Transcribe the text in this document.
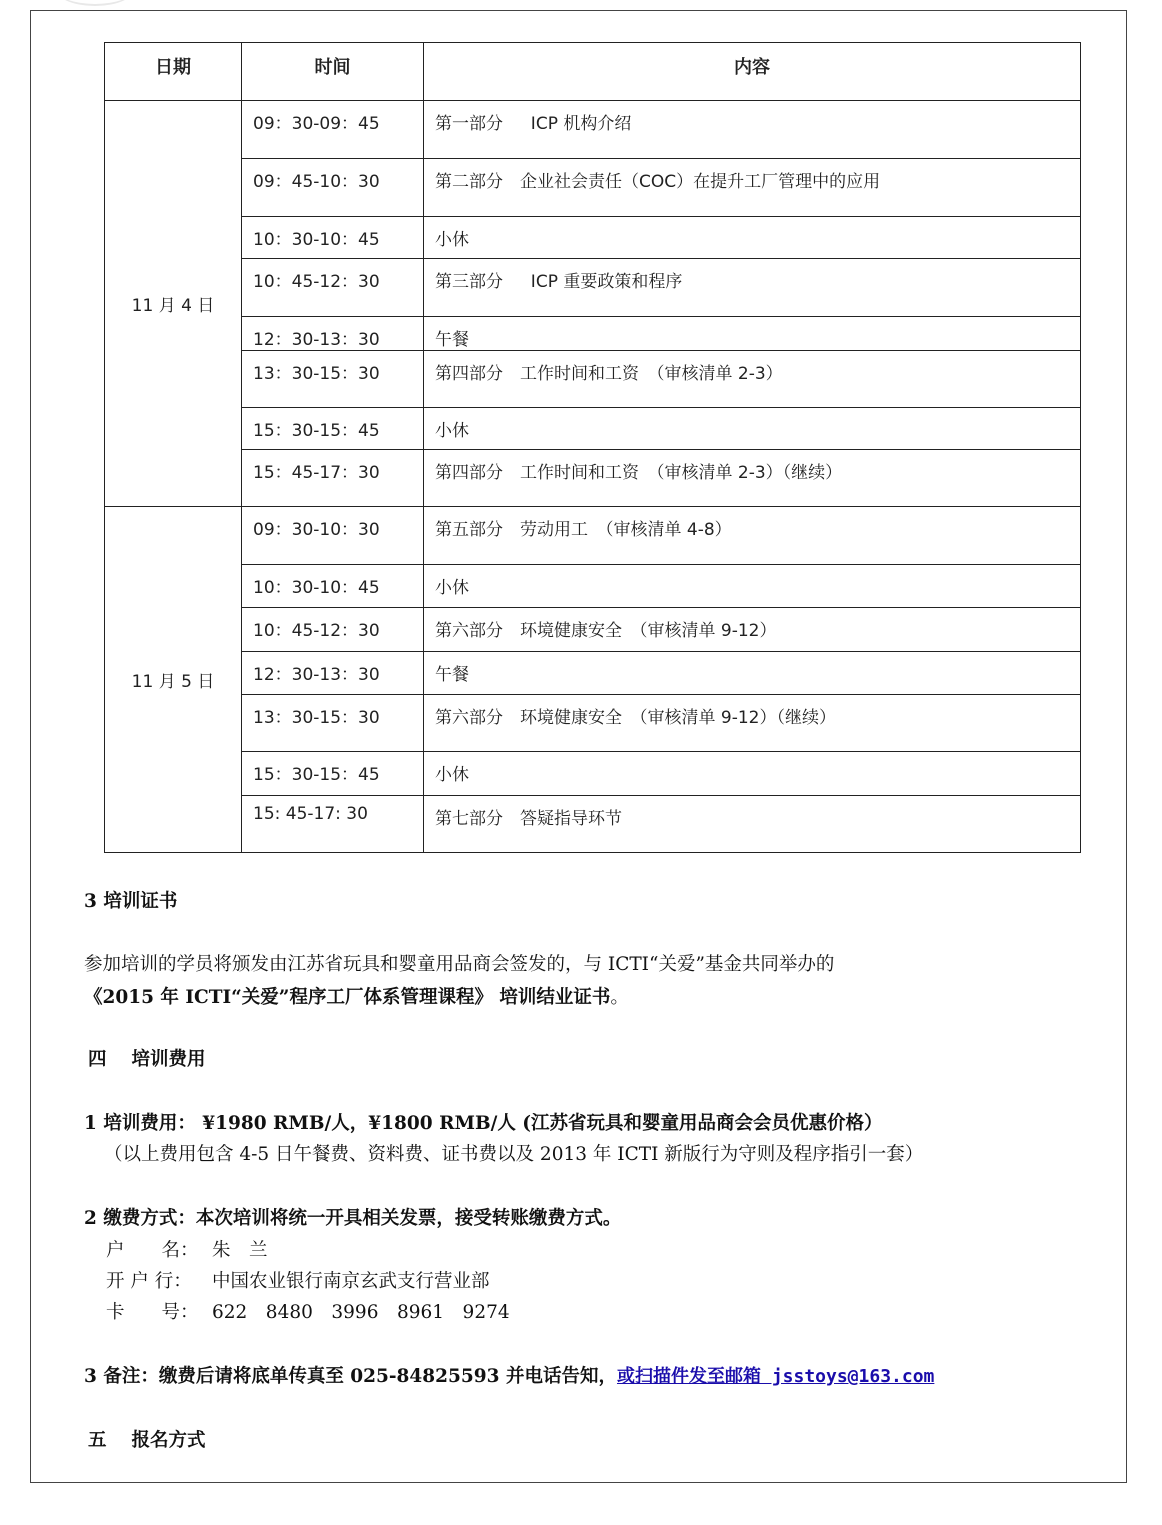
日期	时间	内容
11 月 4 日	09：30-09：45	第一部分 　 ICP 机构介绍
	09：45-10：30	第二部分　企业社会责任（COC）在提升工厂管理中的应用
	10：30-10：45	小休
	10：45-12：30	第三部分 　 ICP 重要政策和程序
	12：30-13：30	午餐
	13：30-15：30	第四部分　工作时间和工资　（审核清单 2-3）
	15：30-15：45	小休
	15：45-17：30	第四部分　工作时间和工资　（审核清单 2-3）（继续）
11 月 5 日	09：30-10：30	第五部分　劳动用工　（审核清单 4-8）
	10：30-10：45	小休
	10：45-12：30	第六部分　环境健康安全　（审核清单 9-12）
	12：30-13：30	午餐
	13：30-15：30	第六部分　环境健康安全　（审核清单 9-12）（继续）
	15：30-15：45	小休
	15: 45-17: 30	第七部分　答疑指导环节
3 培训证书
参加培训的学员将颁发由江苏省玩具和婴童用品商会签发的，与 ICTI“关爱”基金共同举办的
《2015 年 ICTI“关爱”程序工厂体系管理课程》 培训结业证书。
四　 培训费用
1 培训费用： ¥1980 RMB/人，¥1800 RMB/人 (江苏省玩具和婴童用品商会会员优惠价格）
（以上费用包含 4-5 日午餐费、资料费、证书费以及 2013 年 ICTI 新版行为守则及程序指引一套）
2 缴费方式：本次培训将统一开具相关发票，接受转账缴费方式。
户　　名： 朱　兰
开 户 行： 中国农业银行南京玄武支行营业部
卡　　号： 622　8480　3996　8961　9274
3 备注：缴费后请将底单传真至 025-84825593 并电话告知，或扫描件发至邮箱 jsstoys@163.com
五　 报名方式
